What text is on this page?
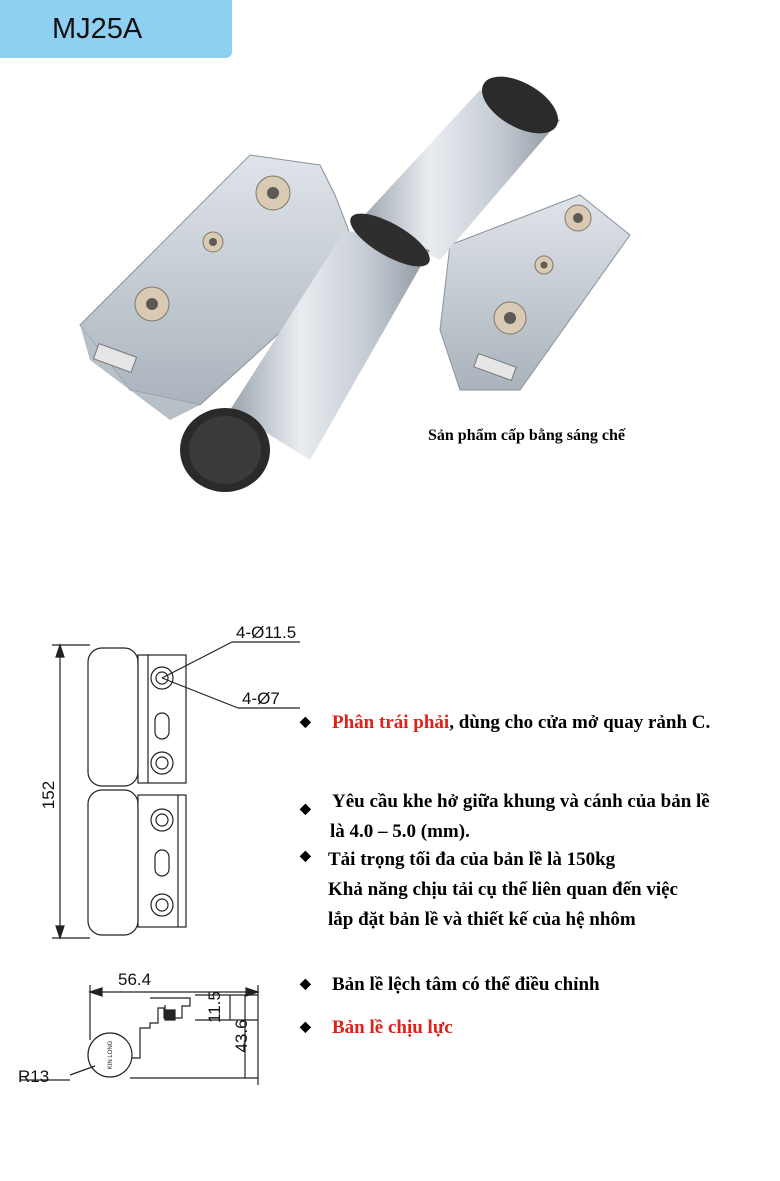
MJ25A
Sản phẩm cấp bằng sáng chế
4-Ø11.5
4-Ø7
152
56.4
11.5
43.6
R13
KIN LONG
◆ Phân trái phải, dùng cho cửa mở quay rảnh C.
◆ Yêu cầu khe hở giữa khung và cánh của bản lề
là 4.0 – 5.0 (mm).
◆ Tải trọng tối đa của bản lề là 150kg
Khả năng chịu tải cụ thể liên quan đến việc
lắp đặt bản lề và thiết kế của hệ nhôm
◆ Bản lề lệch tâm có thể điều chỉnh
◆ Bản lề chịu lực
